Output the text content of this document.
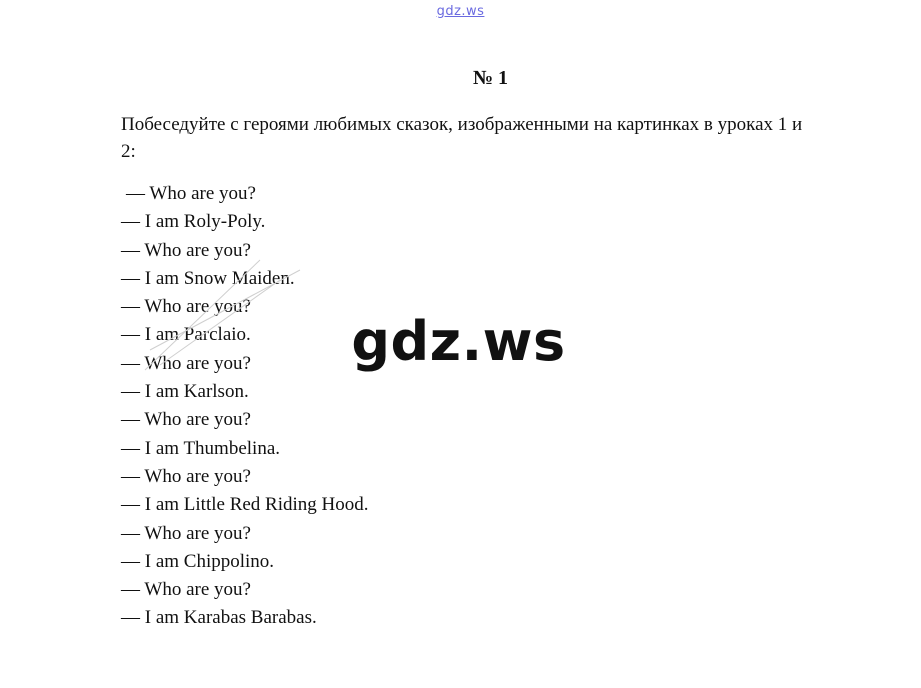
gdz.ws
№ 1
Побеседуйте с героями любимых сказок, изображенными на картинках в уроках 1 и 2:
— Who are you?
— I am Roly-Poly.
— Who are you?
— I am Snow Maiden.
— Who are you?
— I am Parclaio.
— Who are you?
— I am Karlson.
— Who are you?
— I am Thumbelina.
— Who are you?
— I am Little Red Riding Hood.
— Who are you?
— I am Chippolino.
— Who are you?
— I am Karabas Barabas.
gdz.ws
